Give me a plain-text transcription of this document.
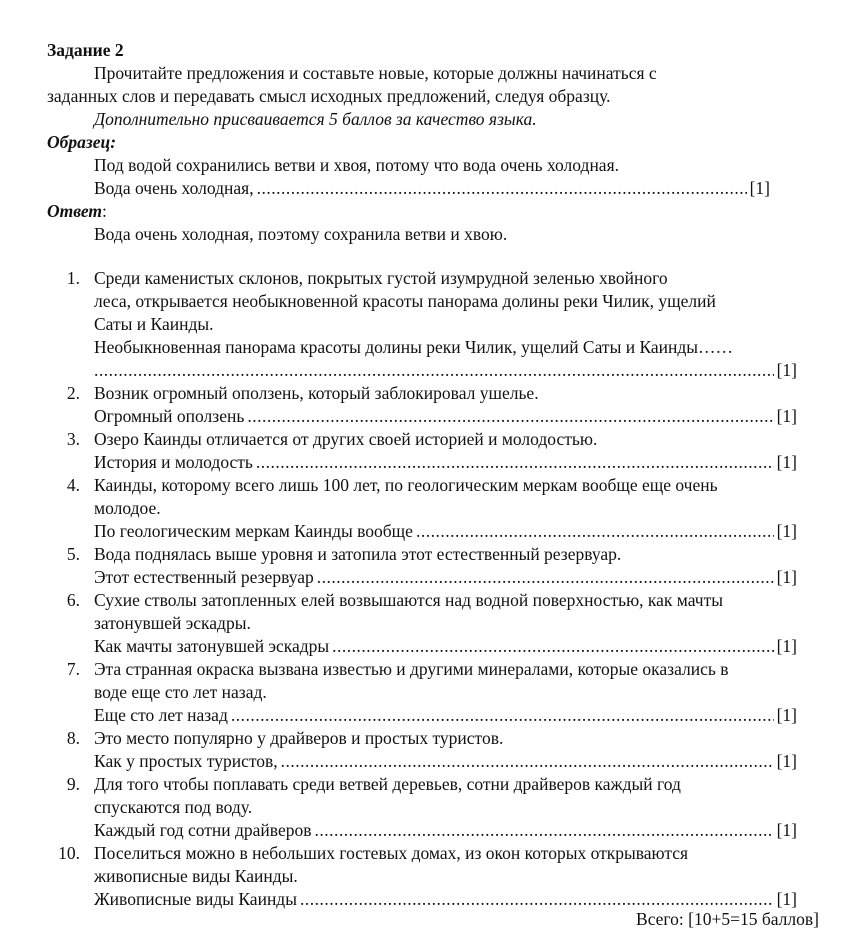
Задание 2
Прочитайте предложения и составьте новые, которые должны начинаться с
заданных слов и передавать смысл исходных предложений, следуя образцу.
Дополнительно присваивается 5 баллов за качество языка.
Образец:
Под водой сохранились ветви и хвоя, потому что вода очень холодная.
Вода очень холодная, .....	[1]
Ответ:
Вода очень холодная, поэтому сохранила ветви и хвою.
1. Среди каменистых склонов, покрытых густой изумрудной зеленью хвойного
леса, открывается необыкновенной красоты панорама долины реки Чилик, ущелий
Саты и Каинды.
Необыкновенная панорама красоты долины реки Чилик, ущелий Саты и Каинды……
.....
[1]
2. Возник огромный оползень, который заблокировал ушелье.
Огромный оползень .....	[1]
3. Озеро Каинды отличается от других своей историей и молодостью.
История и молодость .....	[1]
4. Каинды, которому всего лишь 100 лет, по геологическим меркам вообще еще очень
молодое.
По геологическим меркам Каинды вообще .....	[1]
5. Вода поднялась выше уровня и затопила этот естественный резервуар.
Этот естественный резервуар .....	[1]
6. Сухие стволы затопленных елей возвышаются над водной поверхностью, как мачты
затонувшей эскадры.
Как мачты затонувшей эскадры .....	[1]
7. Эта странная окраска вызвана известью и другими минералами, которые оказались в
воде еще сто лет назад.
Еще сто лет назад .....	[1]
8. Это место популярно у драйверов и простых туристов.
Как у простых туристов, .....	[1]
9. Для того чтобы поплавать среди ветвей деревьев, сотни драйверов каждый год
спускаются под воду.
Каждый год сотни драйверов .....	[1]
10. Поселиться можно в небольших гостевых домах, из окон которых открываются
живописные виды Каинды.
Живописные виды Каинды .....	[1]
Всего: [10+5=15 баллов]
